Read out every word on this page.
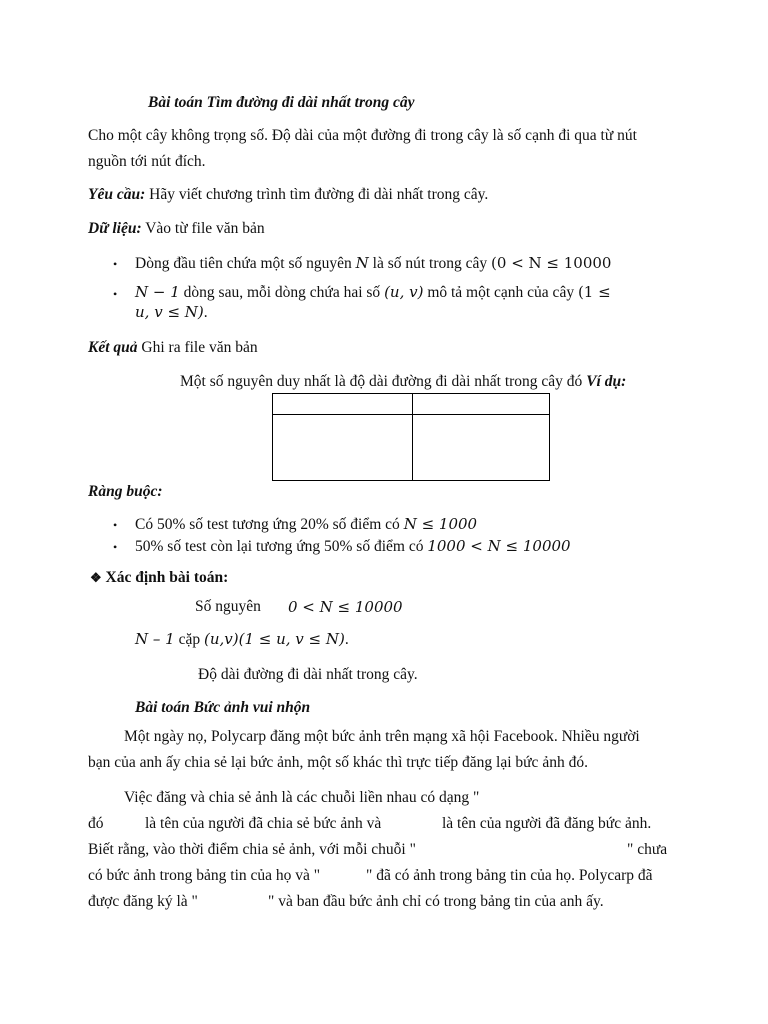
Bài toán Tìm đường đi dài nhất trong cây
Cho một cây không trọng số. Độ dài của một đường đi trong cây là số cạnh đi qua từ nút
nguồn tới nút đích.
Yêu cầu: Hãy viết chương trình tìm đường đi dài nhất trong cây.
Dữ liệu: Vào từ file văn bản
• Dòng đầu tiên chứa một số nguyên N là số nút trong cây (0 < N ≤ 10000
• N − 1 dòng sau, mỗi dòng chứa hai số (u, v) mô tả một cạnh của cây (1 ≤
u, v ≤ N).
Kết quả Ghi ra file văn bản
Một số nguyên duy nhất là độ dài đường đi dài nhất trong cây đó Ví dụ:
Ràng buộc:
• Có 50% số test tương ứng 20% số điểm có N ≤ 1000
• 50% số test còn lại tương ứng 50% số điểm có 1000 < N ≤ 10000
❖ Xác định bài toán:
Số nguyên 0 < N ≤ 10000
N – 1 cặp (u,v)(1 ≤ u, v ≤ N).
Độ dài đường đi dài nhất trong cây.
Bài toán Bức ảnh vui nhộn
Một ngày nọ, Polycarp đăng một bức ảnh trên mạng xã hội Facebook. Nhiều người
bạn của anh ấy chia sẻ lại bức ảnh, một số khác thì trực tiếp đăng lại bức ảnh đó.
Việc đăng và chia sẻ ảnh là các chuỗi liền nhau có dạng "
đó	là tên của người đã chia sẻ bức ảnh và	là tên của người đã đăng bức ảnh.
Biết rằng, vào thời điểm chia sẻ ảnh, với mỗi chuỗi "	" chưa
có bức ảnh trong bảng tin của họ và "	" đã có ảnh trong bảng tin của họ. Polycarp đã
được đăng ký là "	" và ban đầu bức ảnh chỉ có trong bảng tin của anh ấy.
